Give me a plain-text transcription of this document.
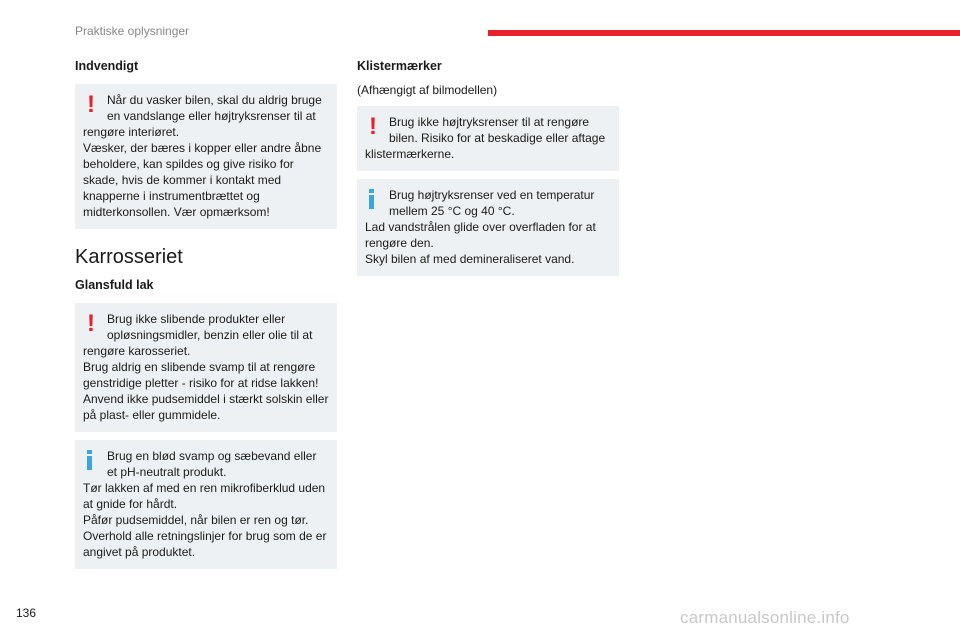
Praktiske oplysninger
Indvendigt
!	Når du vasker bilen, skal du aldrig bruge en vandslange eller højtryksrenser til at

rengøre interiøret.

Væsker, der bæres i kopper eller andre åbne beholdere, kan spildes og give risiko for skade, hvis de kommer i kontakt med knapperne i instrumentbrættet og midterkonsollen. Vær opmærksom!

Karrosseriet
Glansfuld lak
!	Brug ikke slibende produkter eller opløsningsmidler, benzin eller olie til at

rengøre karosseriet.

Brug aldrig en slibende svamp til at rengøre genstridige pletter - risiko for at ridse lakken!

Anvend ikke pudsemiddel i stærkt solskin eller på plast- eller gummidele.

Brug en blød svamp og sæbevand eller et pH-neutralt produkt.

Tør lakken af med en ren mikrofiberklud uden at gnide for hårdt.

Påfør pudsemiddel, når bilen er ren og tør.

Overhold alle retningslinjer for brug som de er angivet på produktet.

Klistermærker

(Afhængigt af bilmodellen)

!	Brug ikke højtryksrenser til at rengøre bilen. Risiko for at beskadige eller aftage

klistermærkerne.

Brug højtryksrenser ved en temperatur mellem 25 °C og 40 °C.

Lad vandstrålen glide over overfladen for at rengøre den.

Skyl bilen af med demineraliseret vand.

136	carmanualsonline.info
